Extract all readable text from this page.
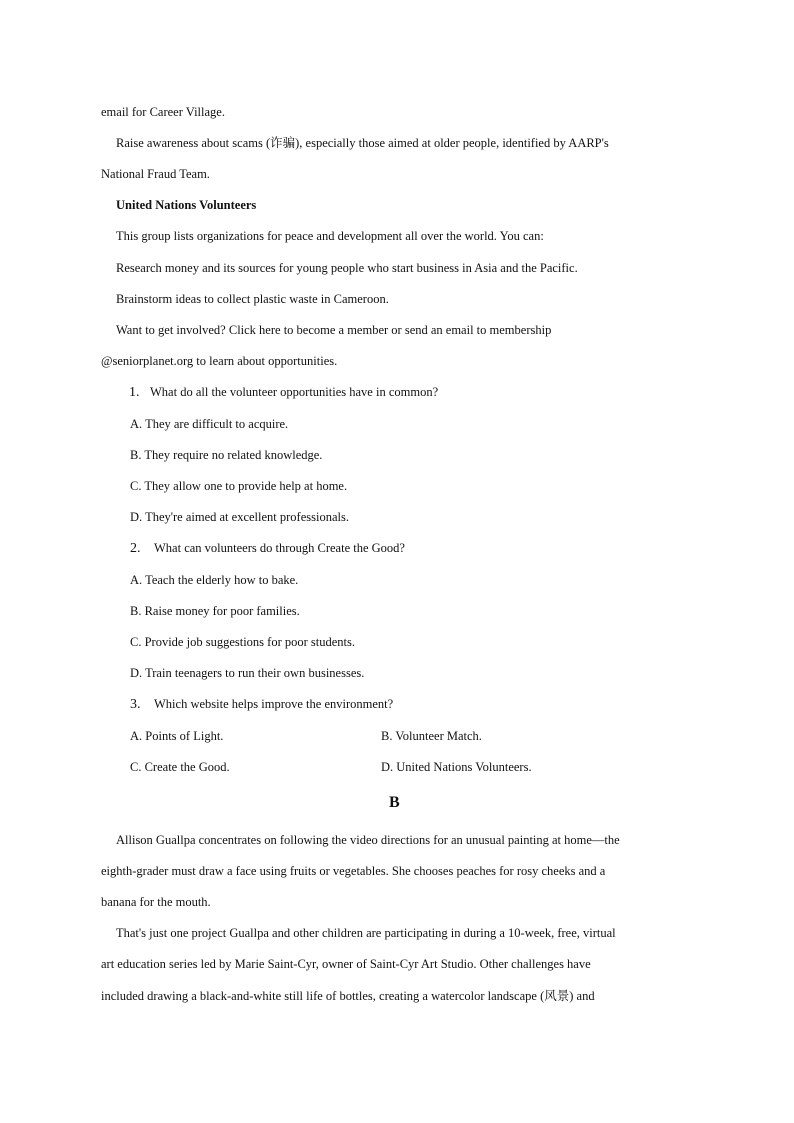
email for Career Village.
Raise awareness about scams (诈骗), especially those aimed at older people, identified by AARP's
National Fraud Team.
United Nations Volunteers
This group lists organizations for peace and development all over the world. You can:
Research money and its sources for young people who start business in Asia and the Pacific.
Brainstorm ideas to collect plastic waste in Cameroon.
Want to get involved? Click here to become a member or send an email to membership
@seniorplanet.org to learn about opportunities.
1. What do all the volunteer opportunities have in common?
A. They are difficult to acquire.
B. They require no related knowledge.
C. They allow one to provide help at home.
D. They're aimed at excellent professionals.
2. What can volunteers do through Create the Good?
A. Teach the elderly how to bake.
B. Raise money for poor families.
C. Provide job suggestions for poor students.
D. Train teenagers to run their own businesses.
3. Which website helps improve the environment?
A. Points of Light.	B. Volunteer Match.
C. Create the Good.	D. United Nations Volunteers.
B
Allison Guallpa concentrates on following the video directions for an unusual painting at home—the
eighth-grader must draw a face using fruits or vegetables. She chooses peaches for rosy cheeks and a
banana for the mouth.
That's just one project Guallpa and other children are participating in during a 10-week, free, virtual
art education series led by Marie Saint-Cyr, owner of Saint-Cyr Art Studio. Other challenges have
included drawing a black-and-white still life of bottles, creating a watercolor landscape (风景) and
